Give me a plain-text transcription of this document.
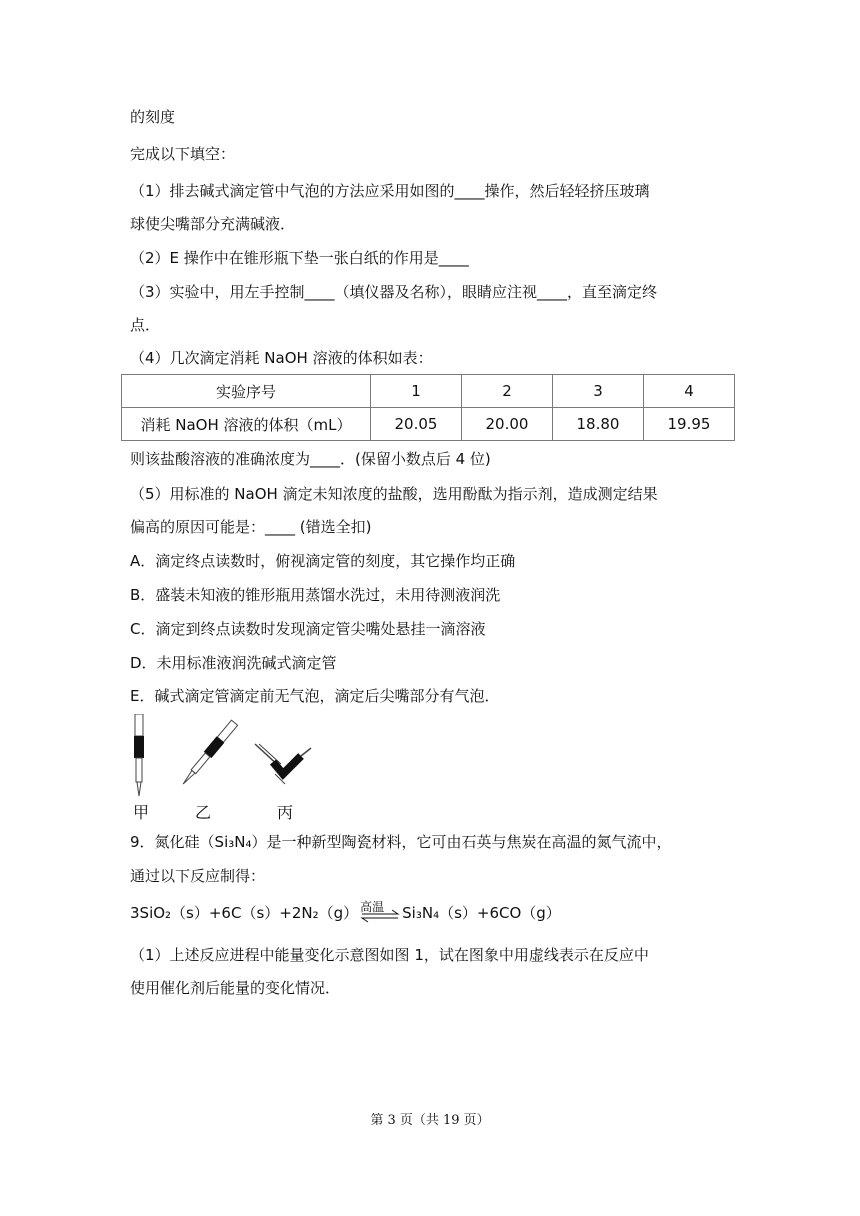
的刻度
完成以下填空：
（1）排去碱式滴定管中气泡的方法应采用如图的____操作，然后轻轻挤压玻璃
球使尖嘴部分充满碱液．
（2）E 操作中在锥形瓶下垫一张白纸的作用是____
（3）实验中，用左手控制____（填仪器及名称），眼睛应注视____，直至滴定终
点．
（4）几次滴定消耗 NaOH 溶液的体积如表：
实验序号	1	2	3	4
消耗 NaOH 溶液的体积（mL）	20.05	20.00	18.80	19.95
则该盐酸溶液的准确浓度为____．(保留小数点后 4 位)
（5）用标准的 NaOH 滴定未知浓度的盐酸，选用酚酞为指示剂，造成测定结果
偏高的原因可能是：____ (错选全扣)
A．滴定终点读数时，俯视滴定管的刻度，其它操作均正确
B．盛装未知液的锥形瓶用蒸馏水洗过，未用待测液润洗
C．滴定到终点读数时发现滴定管尖嘴处悬挂一滴溶液
D．未用标准液润洗碱式滴定管
E．碱式滴定管滴定前无气泡，滴定后尖嘴部分有气泡．
甲	乙	丙
9．氮化硅（Si₃N₄）是一种新型陶瓷材料，它可由石英与焦炭在高温的氮气流中，
通过以下反应制得：
3SiO₂（s）+6C（s）+2N₂（g） 高温 Si₃N₄（s）+6CO（g）
（1）上述反应进程中能量变化示意图如图 1，试在图象中用虚线表示在反应中
使用催化剂后能量的变化情况．
第 3 页（共 19 页）
